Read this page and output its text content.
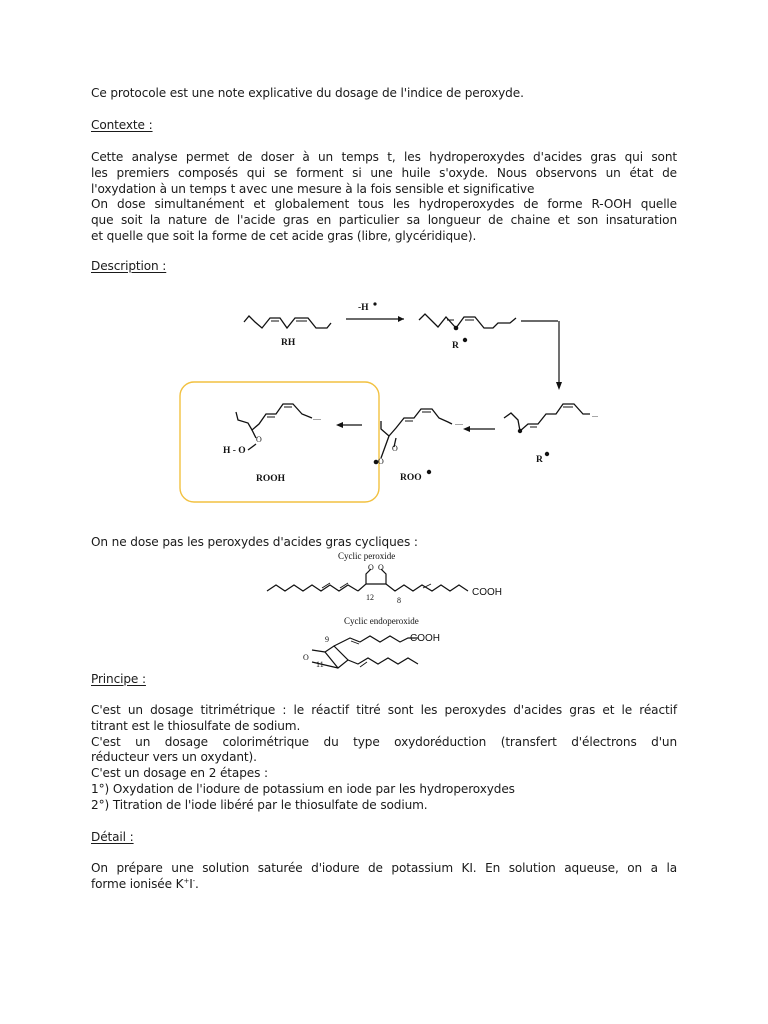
Ce protocole est une note explicative du dosage de l'indice de peroxyde.
Contexte :
Cette analyse permet de doser à un temps t, les hydroperoxydes d'acides gras qui sont
les premiers composés qui se forment si une huile s'oxyde. Nous observons un état de
l'oxydation à un temps t avec une mesure à la fois sensible et significative
On dose simultanément et globalement tous les hydroperoxydes de forme R-OOH quelle
que soit la nature de l'acide gras en particulier sa longueur de chaine et son insaturation
et quelle que soit la forme de cet acide gras (libre, glycéridique).
Description :
RH
-H
R
...
R
....
O
O
ROO
....
O
H - O
ROOH
On ne dose pas les peroxydes d'acides gras cycliques :
Cyclic peroxide
O O
12	8
COOH
Cyclic endoperoxide
O
9
11
COOH
Principe :
C'est un dosage titrimétrique : le réactif titré sont les peroxydes d'acides gras et le réactif
titrant est le thiosulfate de sodium.
C'est un dosage colorimétrique du type oxydoréduction (transfert d'électrons d'un
réducteur vers un oxydant).
C'est un dosage en 2 étapes :
1°) Oxydation de l'iodure de potassium en iode par les hydroperoxydes
2°) Titration de l'iode libéré par le thiosulfate de sodium.
Détail :
On prépare une solution saturée d'iodure de potassium KI. En solution aqueuse, on a la
forme ionisée K+I-.
